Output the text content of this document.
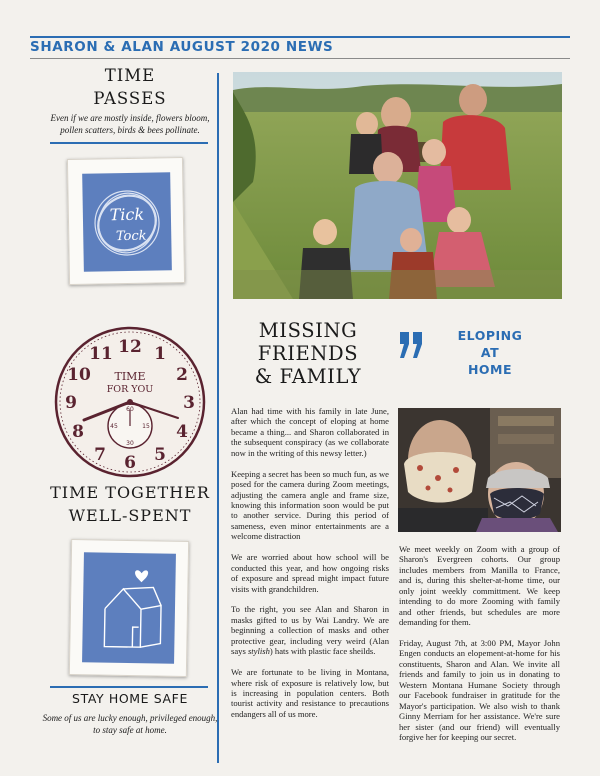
SHARON & ALAN AUGUST 2020 NEWS
TIME
PASSES
Even if we are mostly inside, flowers bloom, pollen scatters, birds & bees pollinate.
Tick
Tock
12 1
2
3
4
5
6
7
8
9
10
11
TIME
FOR YOU
60
15
30
45
TIME TOGETHER
WELL-SPENT
STAY HOME SAFE
Some of us are lucky enough, privileged enough, to stay safe at home.
MISSING
FRIENDS
& FAMILY
ELOPING
AT
HOME

Alan had time with his family in late June, after which the concept of eloping at home became a thing... and Sharon collaborated in the subsequent conspiracy (as we collaborate now in the writing of this newsy letter.)

Keeping a secret has been so much fun, as we posed for the camera during Zoom meetings, adjusting the camera angle and frame size, knowing this information soon would be put to another service. During this period of sameness, even minor entertainments are a welcome distraction

We are worried about how school will be conducted this year, and how ongoing risks of exposure and spread might impact future visits with grandchildren.

To the right, you see Alan and Sharon in masks gifted to us by Wai Landry. We are beginning a collection of masks and other protective gear, including very weird (Alan says stylish) hats with plastic face sheilds.

We are fortunate to be living in Montana, where risk of exposure is relatively low, but is increasing in population centers. Both tourist activity and resistance to precautions endangers all of us more.

We meet weekly on Zoom with a group of Sharon's Evergreen cohorts. Our group includes members from Manilla to France, and is, during this shelter-at-home time, our only joint weekly committment. We keep intending to do more Zooming with family and other friends, but schedules are more demanding for them.

Friday, August 7th, at 3:00 PM, Mayor John Engen conducts an elopement-at-home for his constituents, Sharon and Alan. We invite all friends and family to join us in donating to Western Montana Humane Society through our Facebook fundraiser in gratitude for the Mayor's participation. We also wish to thank Ginny Merriam for her assistance. We're sure her sister (and our friend) will eventually forgive her for keeping our secret.
